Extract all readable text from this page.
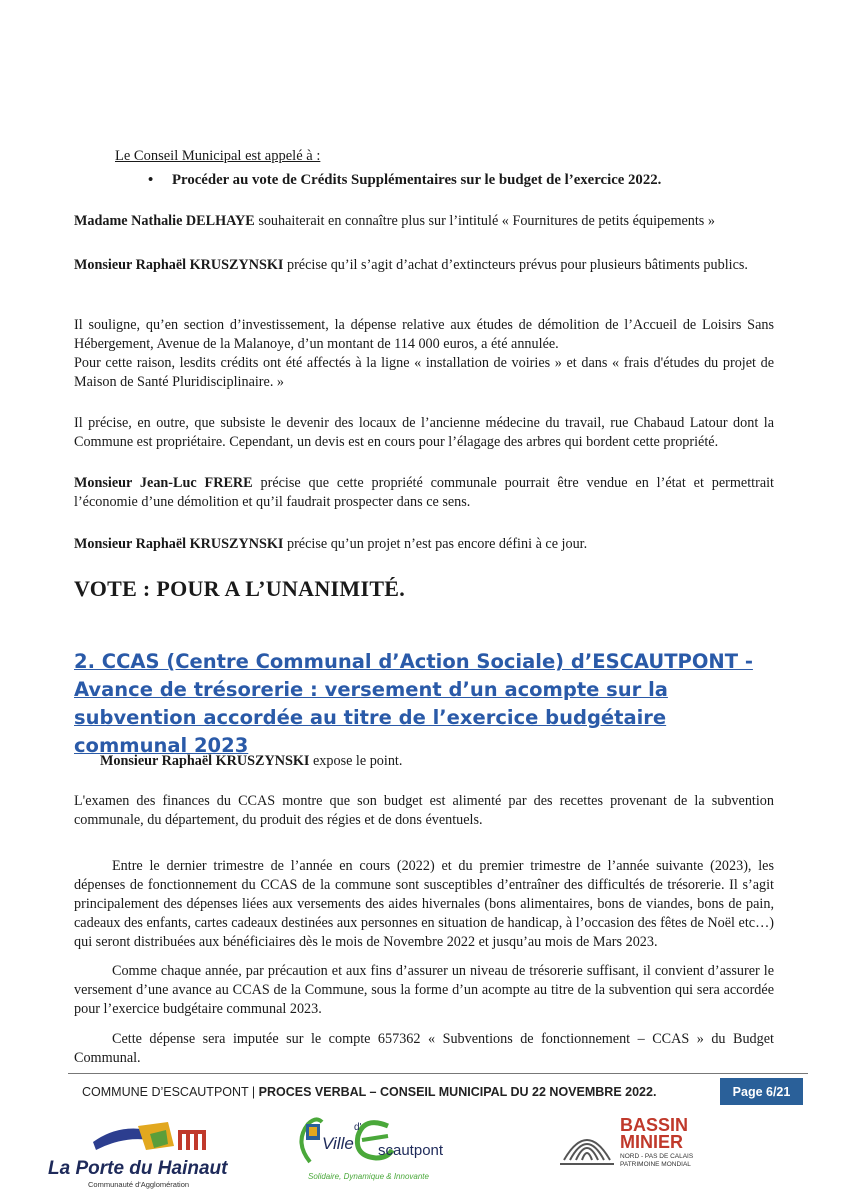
Le Conseil Municipal est appelé à :
•	Procéder au vote de Crédits Supplémentaires sur le budget de l’exercice 2022.

Madame Nathalie DELHAYE souhaiterait en connaître plus sur l’intitulé « Fournitures de petits équipements »

Monsieur Raphaël KRUSZYNSKI précise qu’il s’agit d’achat d’extincteurs prévus pour plusieurs bâtiments publics.

Il souligne, qu’en section d’investissement, la dépense relative aux études de démolition de l’Accueil de Loisirs Sans Hébergement, Avenue de la Malanoye, d’un montant de 114 000 euros, a été annulée.

Pour cette raison, lesdits crédits ont été affectés à la ligne « installation de voiries » et dans « frais d'études du projet de Maison de Santé Pluridisciplinaire. »

Il précise, en outre, que subsiste le devenir des locaux de l’ancienne médecine du travail, rue Chabaud Latour dont la Commune est propriétaire. Cependant, un devis est en cours pour l’élagage des arbres qui bordent cette propriété.

Monsieur Jean-Luc FRERE précise que cette propriété communale pourrait être vendue en l’état et permettrait l’économie d’une démolition et qu’il faudrait prospecter dans ce sens.

Monsieur Raphaël KRUSZYNSKI précise qu’un projet n’est pas encore défini à ce jour.

VOTE : POUR A L’UNANIMITÉ.
2. CCAS (Centre Communal d’Action Sociale) d’ESCAUTPONT - Avance de trésorerie : versement d’un acompte sur la subvention accordée au titre de l’exercice budgétaire communal 2023

Monsieur Raphaël KRUSZYNSKI expose le point.

L'examen des finances du CCAS montre que son budget est alimenté par des recettes provenant de la subvention communale, du département, du produit des régies et de dons éventuels.

Entre le dernier trimestre de l’année en cours (2022) et du premier trimestre de l’année suivante (2023), les dépenses de fonctionnement du CCAS de la commune sont susceptibles d’entraîner des difficultés de trésorerie. Il s’agit principalement des dépenses liées aux versements des aides hivernales (bons alimentaires, bons de viandes, bons de pain, cadeaux des enfants, cartes cadeaux destinées aux personnes en situation de handicap, à l’occasion des fêtes de Noël etc…) qui seront distribuées aux bénéficiaires dès le mois de Novembre 2022 et jusqu’au mois de Mars 2023.

Comme chaque année, par précaution et aux fins d’assurer un niveau de trésorerie suffisant, il convient d’assurer le versement d’une avance au CCAS de la Commune, sous la forme d’un acompte au titre de la subvention qui sera accordée pour l’exercice budgétaire communal 2023.

Cette dépense sera imputée sur le compte 657362 « Subventions de fonctionnement – CCAS » du Budget Communal.

COMMUNE D’ESCAUTPONT | PROCES VERBAL – CONSEIL MUNICIPAL DU 22 NOVEMBRE 2022.	Page 6/21
La Porte du Hainaut
Communauté d'Agglomération
Ville
d'
scautpont
Solidaire, Dynamique & Innovante
BASSIN
MINIER
NORD - PAS DE CALAIS
PATRIMOINE MONDIAL
